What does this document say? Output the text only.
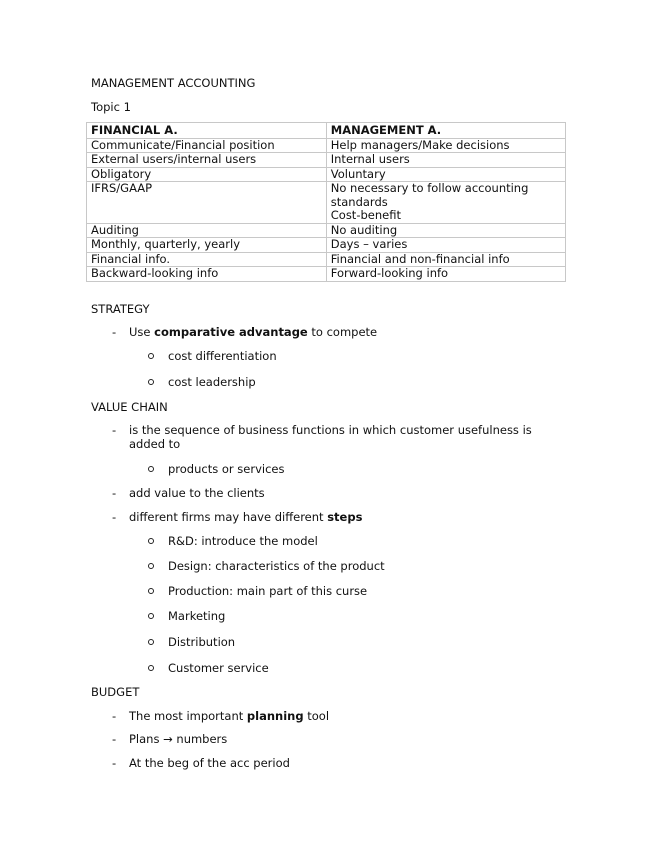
MANAGEMENT ACCOUNTING
Topic 1
FINANCIAL A.	MANAGEMENT A.
Communicate/Financial position	Help managers/Make decisions
External users/internal users	Internal users
Obligatory	Voluntary
IFRS/GAAP	No necessary to follow accounting standards
Cost-benefit
Auditing	No auditing
Monthly, quarterly, yearly	Days – varies
Financial info.	Financial and non-financial info
Backward-looking info	Forward-looking info
STRATEGY
- Use comparative advantage to compete
cost differentiation
cost leadership
VALUE CHAIN
- is the sequence of business functions in which customer usefulness is added to
products or services
- add value to the clients
- different firms may have different steps
R&D: introduce the model
Design: characteristics of the product
Production: main part of this curse
Marketing
Distribution
Customer service
BUDGET
- The most important planning tool
- Plans → numbers
- At the beg of the acc period
